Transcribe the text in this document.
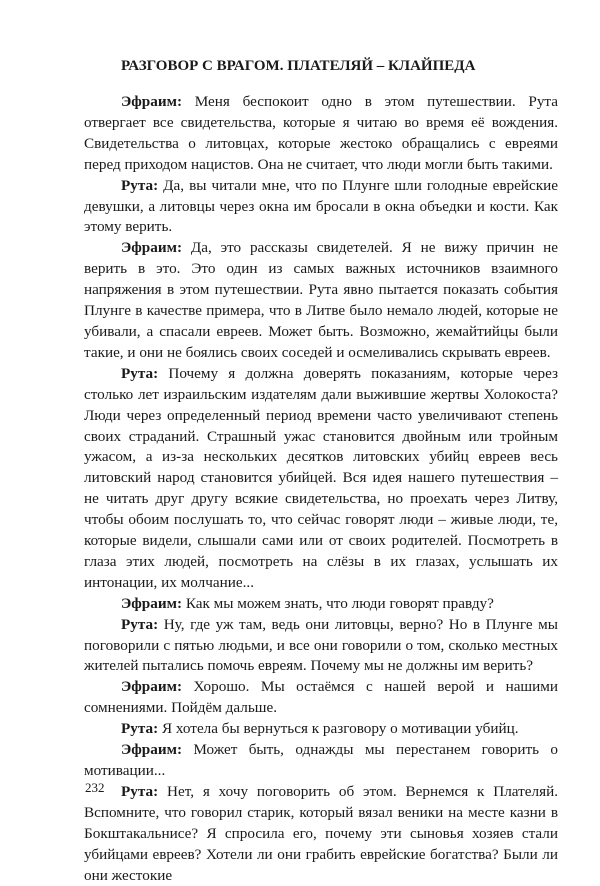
РАЗГОВОР С ВРАГОМ. ПЛАТЕЛЯЙ – КЛАЙПЕДА

Эфраим: Меня беспокоит одно в этом путешествии. Рута отвергает все свидетельства, которые я читаю во время её вождения. Свидетельства о литовцах, которые жестоко обращались с евреями перед приходом нацистов. Она не считает, что люди могли быть такими.

Рута: Да, вы читали мне, что по Плунге шли голодные еврейские девушки, а литовцы через окна им бросали в окна объедки и кости. Как этому верить.

Эфраим: Да, это рассказы свидетелей. Я не вижу причин не верить в это. Это один из самых важных источников взаимного напряжения в этом путешествии. Рута явно пытается показать события Плунге в качестве примера, что в Литве было немало людей, которые не убивали, а спасали евреев. Может быть. Возможно, жемайтийцы были такие, и они не боялись своих соседей и осмеливались скрывать евреев.

Рута: Почему я должна доверять показаниям, которые через столько лет израильским издателям дали выжившие жертвы Холокоста? Люди через определенный период времени часто увеличивают степень своих страданий. Страшный ужас становится двойным или тройным ужасом, а из-за нескольких десятков литовских убийц евреев весь литовский народ становится убийцей. Вся идея нашего путешествия – не читать друг другу всякие свидетельства, но проехать через Литву, чтобы обоим послушать то, что сейчас говорят люди – живые люди, те, которые видели, слышали сами или от своих родителей. Посмотреть в глаза этих людей, посмотреть на слёзы в их глазах, услышать их интонации, их молчание...

Эфраим: Как мы можем знать, что люди говорят правду?

Рута: Ну, где уж там, ведь они литовцы, верно? Но в Плунге мы поговорили с пятью людьми, и все они говорили о том, сколько местных жителей пытались помочь евреям. Почему мы не должны им верить?

Эфраим: Хорошо. Мы остаёмся с нашей верой и нашими сомнениями. Пойдём дальше.

Рута: Я хотела бы вернуться к разговору о мотивации убийц.

Эфраим: Может быть, однажды мы перестанем говорить о мотивации...

Рута: Нет, я хочу поговорить об этом. Вернемся к Плателяй. Вспомните, что говорил старик, который вязал веники на месте казни в Бокштакальнисе? Я спросила его, почему эти сыновья хозяев стали убийцами евреев? Хотели ли они грабить еврейские богатства? Были ли они жестокие

232
